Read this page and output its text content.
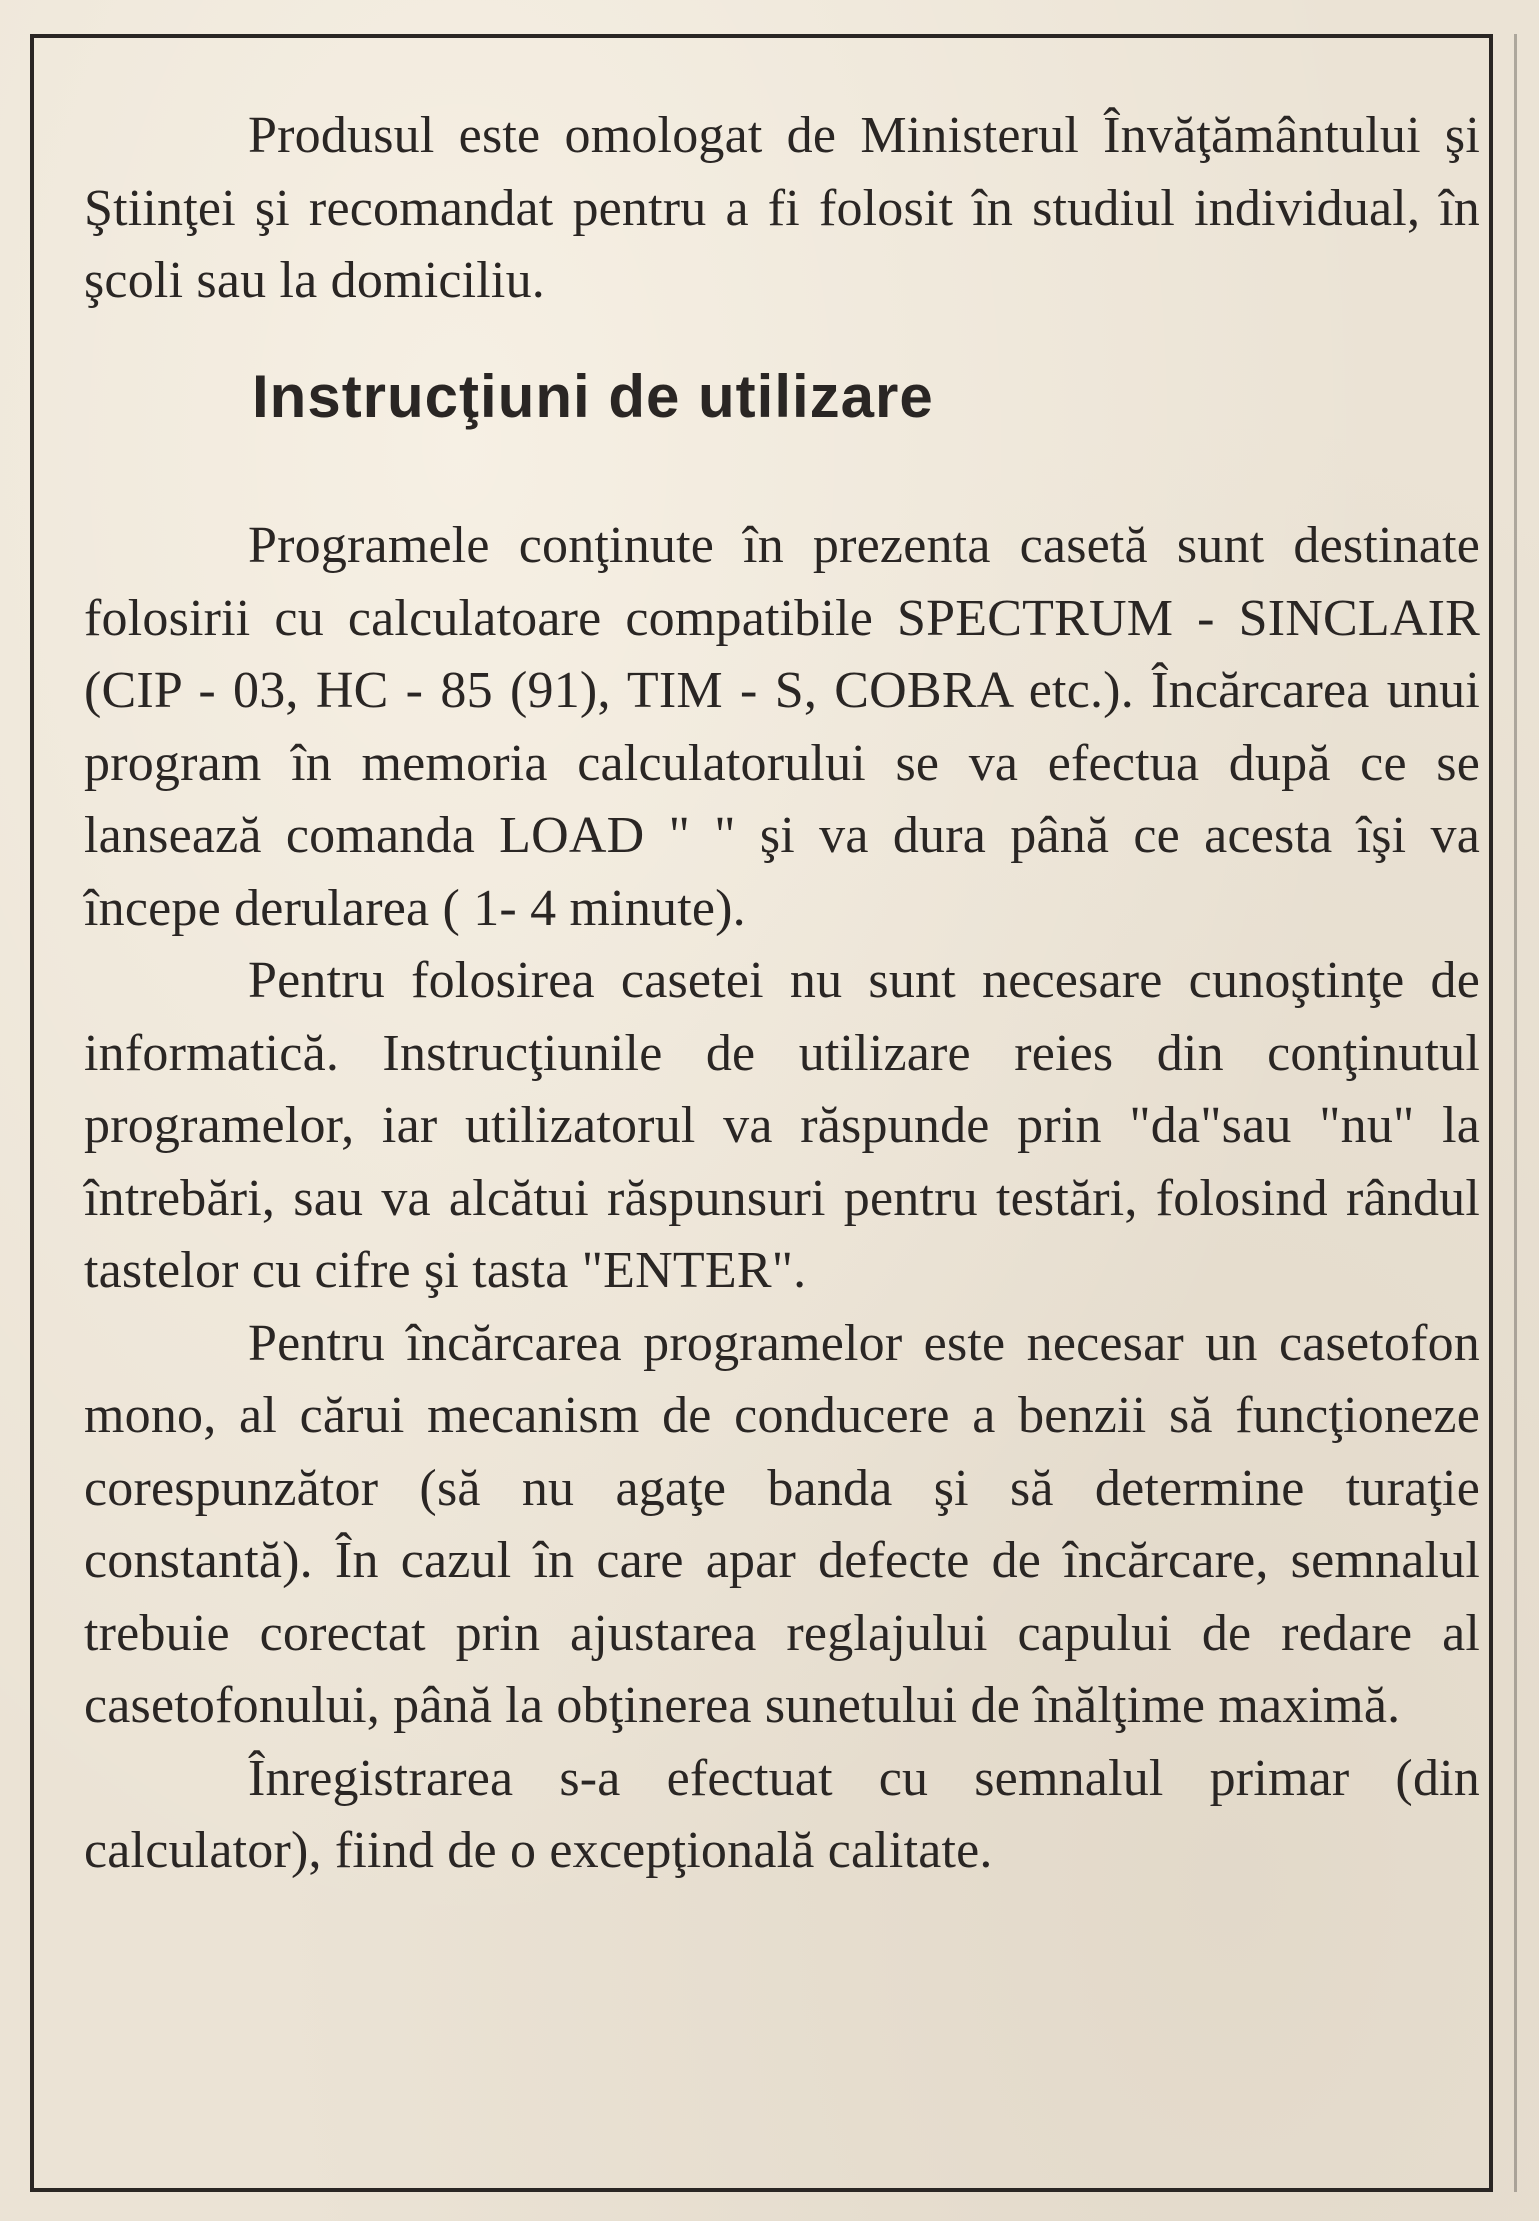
Produsul este omologat de Ministerul Învăţământului şi Ştiinţei şi recomandat pentru a fi folosit în studiul individual, în şcoli sau la domiciliu.

Instrucţiuni de utilizare

Programele conţinute în prezenta casetă sunt destinate folosirii cu calculatoare compatibile SPECTRUM - SINCLAIR (CIP - 03, HC - 85 (91), TIM - S, COBRA etc.). Încărcarea unui program în memoria calculatorului se va efectua după ce se lansează comanda LOAD " " şi va dura până ce acesta îşi va începe derularea ( 1- 4 minute).

Pentru folosirea casetei nu sunt necesare cunoştinţe de informatică. Instrucţiunile de utilizare reies din conţinutul programelor, iar utilizatorul va răspunde prin "da"sau "nu" la întrebări, sau va alcătui răspunsuri pentru testări, folosind rândul tastelor cu cifre şi tasta "ENTER".

Pentru încărcarea programelor este necesar un casetofon mono, al cărui mecanism de conducere a benzii să funcţioneze corespunzător (să nu agaţe banda şi să determine turaţie constantă). În cazul în care apar defecte de încărcare, semnalul trebuie corectat prin ajustarea reglajului capului de redare al casetofonului, până la obţinerea sunetului de înălţime maximă.

Înregistrarea s-a efectuat cu semnalul primar (din calculator), fiind de o excepţională calitate.
